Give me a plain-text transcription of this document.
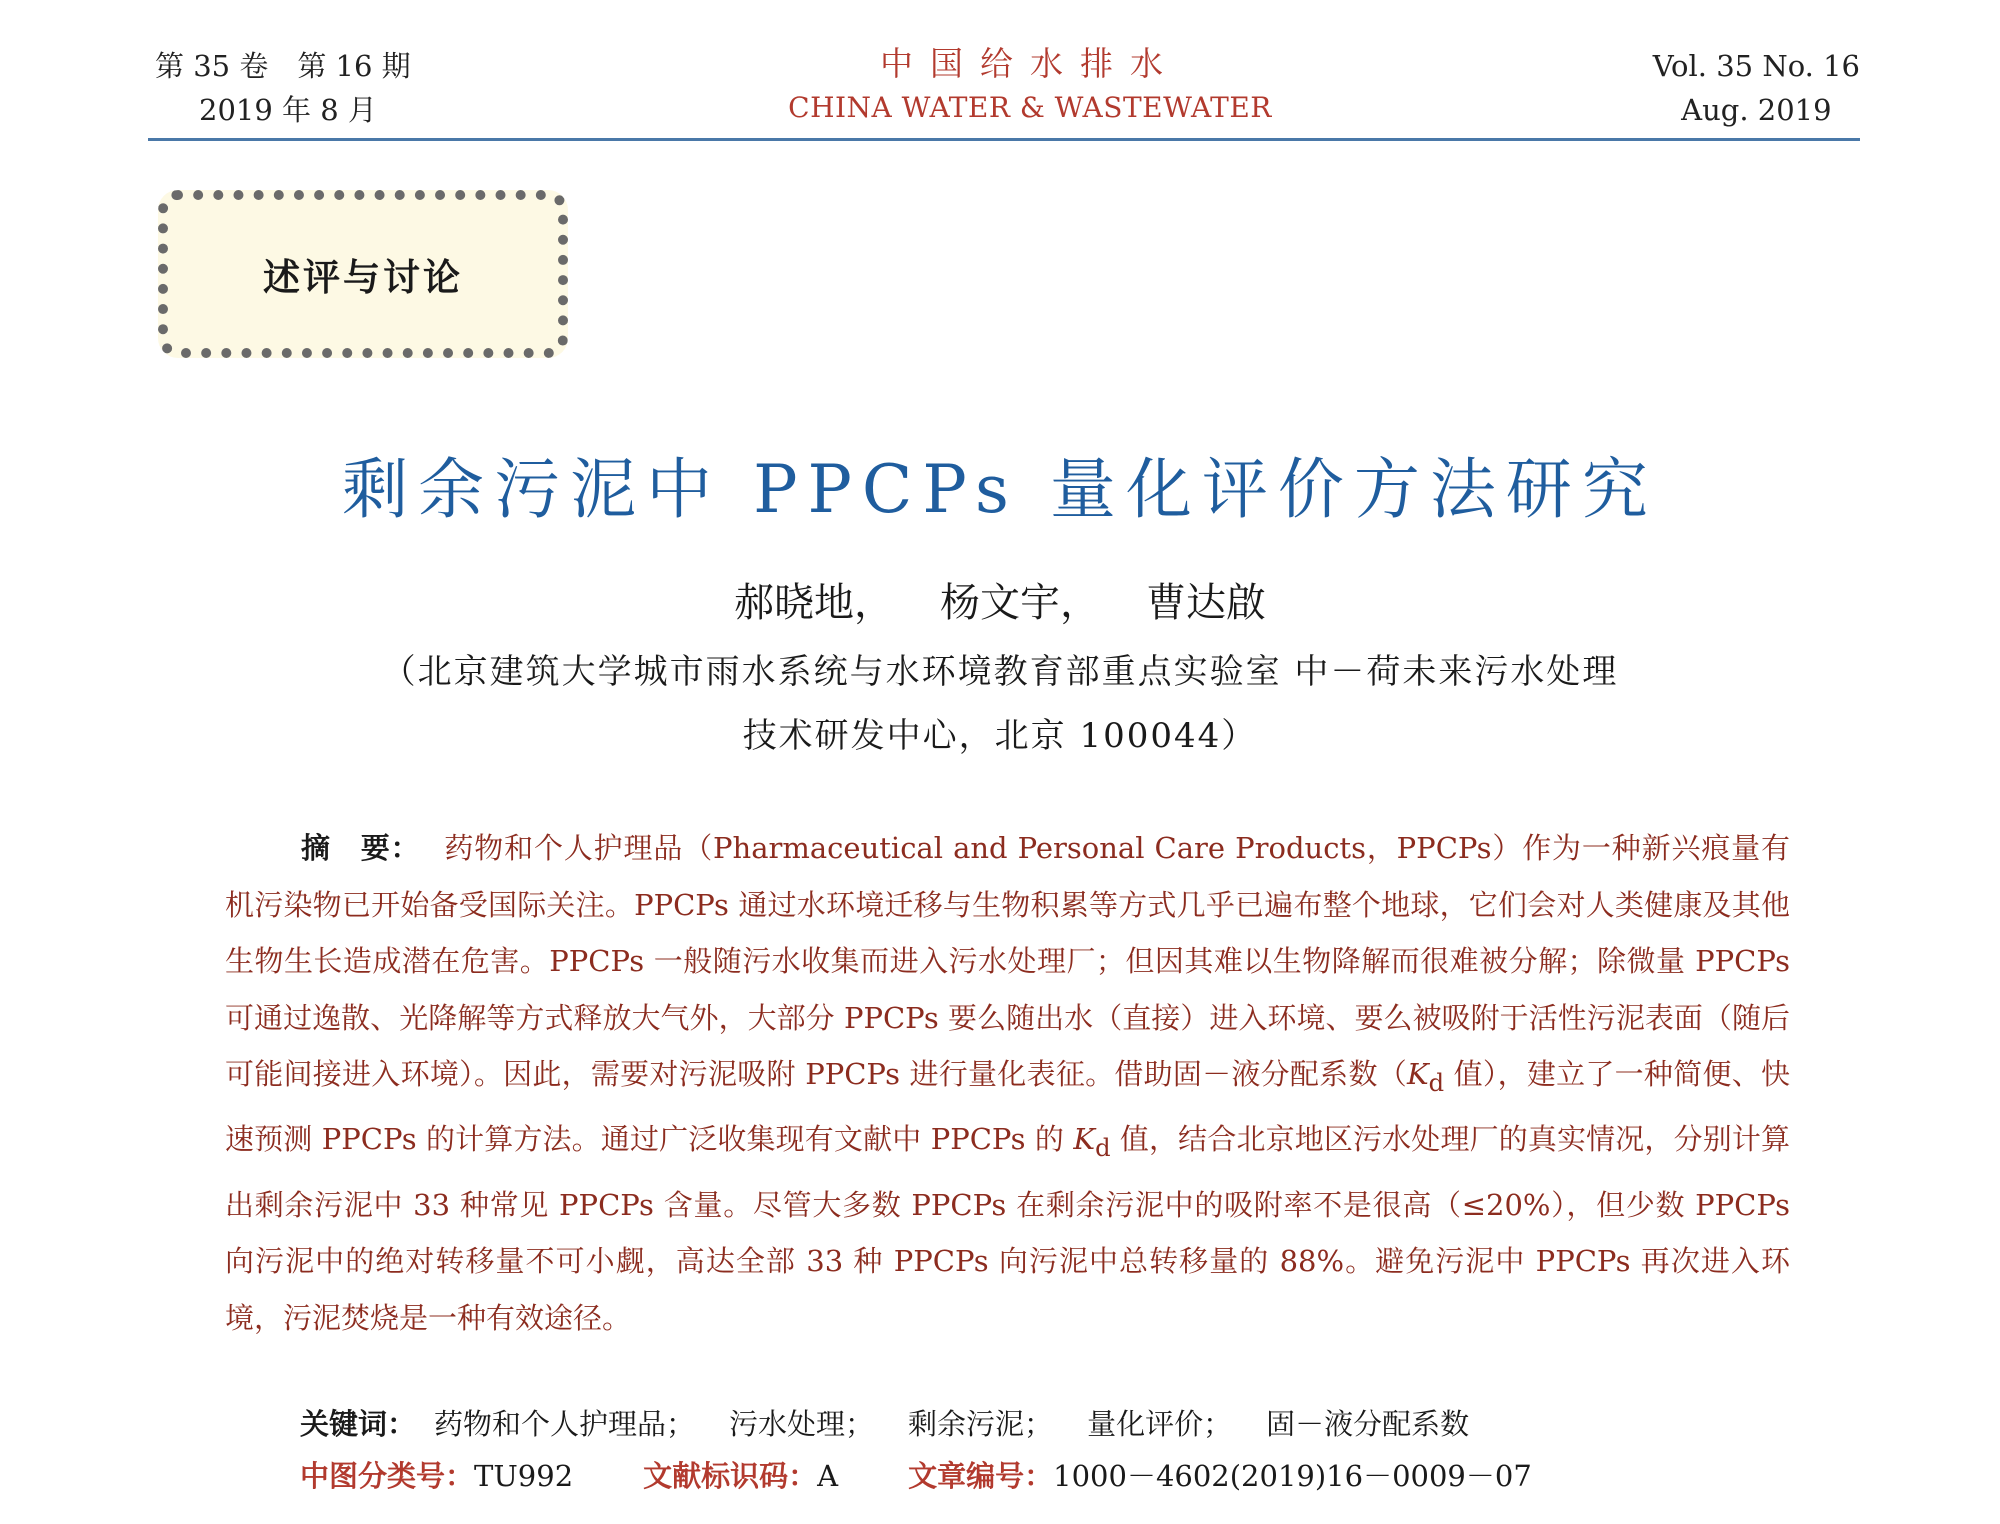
第 35 卷　第 16 期
2019 年 8 月
中国给水排水
CHINA WATER & WASTEWATER
Vol. 35 No. 16
Aug. 2019
述评与讨论
剩余污泥中 PPCPs 量化评价方法研究
郝晓地， 杨文宇， 曹达啟
（北京建筑大学城市雨水系统与水环境教育部重点实验室 中－荷未来污水处理
技术研发中心，北京 100044）
摘　要： 药物和个人护理品（Pharmaceutical and Personal Care Products，PPCPs）作为一种新兴痕量有机污染物已开始备受国际关注。PPCPs 通过水环境迁移与生物积累等方式几乎已遍布整个地球，它们会对人类健康及其他生物生长造成潜在危害。PPCPs 一般随污水收集而进入污水处理厂；但因其难以生物降解而很难被分解；除微量 PPCPs 可通过逸散、光降解等方式释放大气外，大部分 PPCPs 要么随出水（直接）进入环境、要么被吸附于活性污泥表面（随后可能间接进入环境）。因此，需要对污泥吸附 PPCPs 进行量化表征。借助固－液分配系数（$K_d$ 值），建立了一种简便、快速预测 PPCPs 的计算方法。通过广泛收集现有文献中 PPCPs 的 $K_d$ 值，结合北京地区污水处理厂的真实情况，分别计算出剩余污泥中 33 种常见 PPCPs 含量。尽管大多数 PPCPs 在剩余污泥中的吸附率不是很高（≤20%），但少数 PPCPs 向污泥中的绝对转移量不可小觑，高达全部 33 种 PPCPs 向污泥中总转移量的 88%。避免污泥中 PPCPs 再次进入环境，污泥焚烧是一种有效途径。
关键词： 药物和个人护理品； 污水处理； 剩余污泥； 量化评价； 固－液分配系数
中图分类号：TU992 文献标识码：A 文章编号：1000－4602(2019)16－0009－07
